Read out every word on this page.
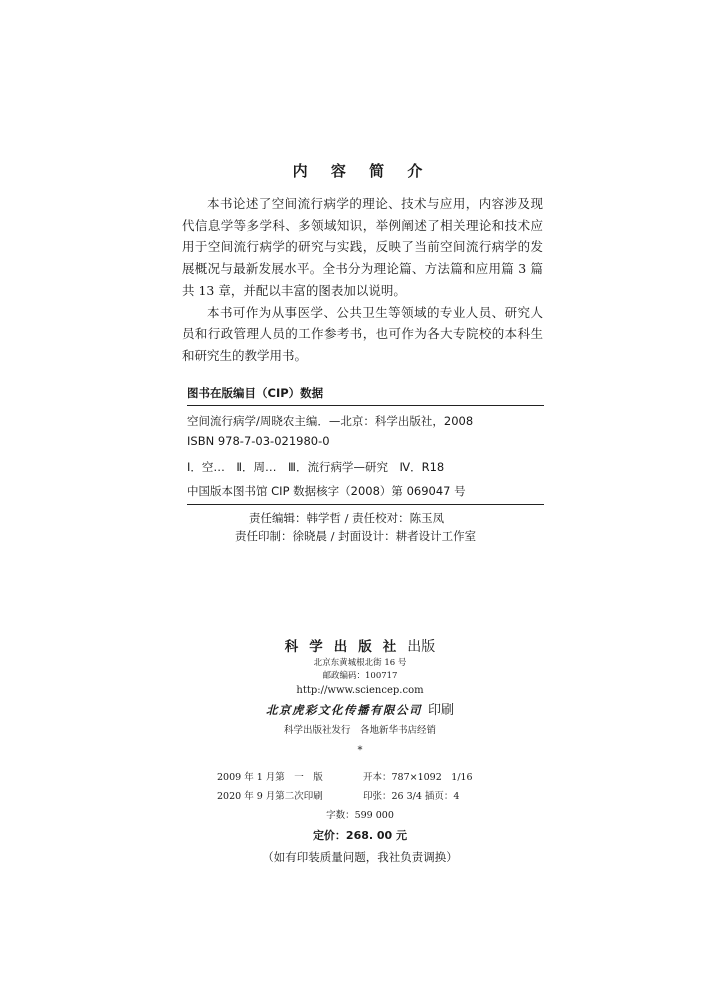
内 容 简 介

本书论述了空间流行病学的理论、技术与应用，内容涉及现代信息学等多学科、多领域知识，举例阐述了相关理论和技术应用于空间流行病学的研究与实践，反映了当前空间流行病学的发展概况与最新发展水平。全书分为理论篇、方法篇和应用篇 3 篇共 13 章，并配以丰富的图表加以说明。

本书可作为从事医学、公共卫生等领域的专业人员、研究人员和行政管理人员的工作参考书，也可作为各大专院校的本科生和研究生的教学用书。

图书在版编目（CIP）数据
空间流行病学/周晓农主编．—北京：科学出版社，2008
ISBN 978-7-03-021980-0
Ⅰ．空…　Ⅱ．周…　Ⅲ．流行病学—研究　Ⅳ．R18
中国版本图书馆 CIP 数据核字（2008）第 069047 号
责任编辑：韩学哲 / 责任校对：陈玉凤
责任印制：徐晓晨 / 封面设计：耕者设计工作室
科学出版社出版
北京东黄城根北街 16 号
邮政编码：100717
http://www.sciencep.com
北京虎彩文化传播有限公司 印刷
科学出版社发行　各地新华书店经销
*
2009 年 1 月第　一　版	开本：787×1092　1/16
2020 年 9 月第二次印刷	印张：26 3/4 插页：4
字数：599 000
定价：268. 00 元
（如有印装质量问题，我社负责调换）
